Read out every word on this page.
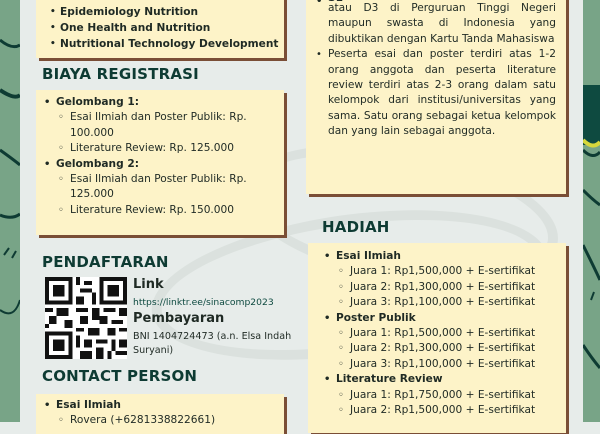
• Epidemiology Nutrition
• One Health and Nutrition
• Nutritional Technology Development
BIAYA REGISTRASI
• Gelombang 1:
◦ Esai Ilmiah dan Poster Publik: Rp. 100.000
◦ Literature Review: Rp. 125.000
• Gelombang 2:
◦ Esai Ilmiah dan Poster Publik: Rp. 125.000
◦ Literature Review: Rp. 150.000
PENDAFTARAN
Link
https://linktr.ee/sinacomp2023
Pembayaran
BNI 1404724473 (a.n. Elsa Indah Suryani)
CONTACT PERSON
• Esai Ilmiah
◦ Rovera (+6281338822661)
• atau D3 di Perguruan Tinggi Negeri maupun swasta di Indonesia yang dibuktikan dengan Kartu Tanda Mahasiswa
• Peserta esai dan poster terdiri atas 1-2 orang anggota dan peserta literature review terdiri atas 2-3 orang dalam satu kelompok dari institusi/universitas yang sama. Satu orang sebagai ketua kelompok dan yang lain sebagai anggota.
HADIAH
• Esai Ilmiah
◦ Juara 1: Rp1,500,000 + E-sertifikat
◦ Juara 2: Rp1,300,000 + E-sertifikat
◦ Juara 3: Rp1,100,000 + E-sertifikat
• Poster Publik
◦ Juara 1: Rp1,500,000 + E-sertifikat
◦ Juara 2: Rp1,300,000 + E-sertifikat
◦ Juara 3: Rp1,100,000 + E-sertifikat
• Literature Review
◦ Juara 1: Rp1,750,000 + E-sertifikat
◦ Juara 2: Rp1,500,000 + E-sertifikat
